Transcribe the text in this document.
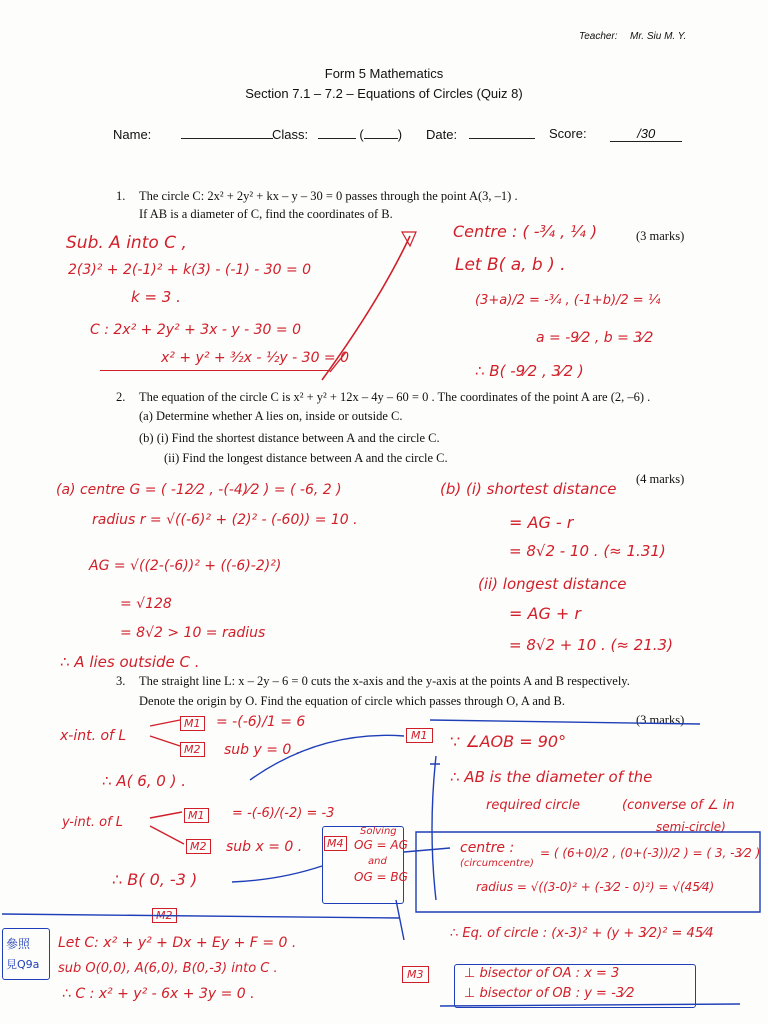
Teacher: Mr. Siu M. Y.
Form 5 Mathematics
Section 7.1 – 7.2 – Equations of Circles (Quiz 8)
Name:	Class:	(	) Date:	Score:	/30
1. The circle C: 2x² + 2y² + kx – y – 30 = 0 passes through the point A(3, –1) .
If AB is a diameter of C, find the coordinates of B.
(3 marks)
Sub. A into C ,
2(3)² + 2(-1)² + k(3) - (-1) - 30 = 0
k = 3 .
C : 2x² + 2y² + 3x - y - 30 = 0
x² + y² + ³⁄₂x - ½y - 30 = 0
Centre : ( -¾ , ¼ )
Let B( a, b ) .
(3+a)/2 = -¾ , (-1+b)/2 = ¼
a = -9⁄2 , b = 3⁄2
∴ B( -9⁄2 , 3⁄2 )
2. The equation of the circle C is x² + y² + 12x – 4y – 60 = 0 . The coordinates of the point A are (2, –6) .
(a) Determine whether A lies on, inside or outside C.
(b) (i) Find the shortest distance between A and the circle C.
(ii) Find the longest distance between A and the circle C.
(4 marks)
(a) centre G = ( -12⁄2 , -(-4)⁄2 ) = ( -6, 2 )
radius r = √((-6)² + (2)² - (-60)) = 10 .
AG = √((2-(-6))² + ((-6)-2)²)
= √128
= 8√2 > 10 = radius
∴ A lies outside C .
(b) (i) shortest distance
= AG - r
= 8√2 - 10 . (≈ 1.31)
(ii) longest distance
= AG + r
= 8√2 + 10 . (≈ 21.3)
3. The straight line L: x – 2y – 6 = 0 cuts the x-axis and the y-axis at the points A and B respectively.
Denote the origin by O. Find the equation of circle which passes through O, A and B.
(3 marks)
x-int. of L
M1 = -(-6)/1 = 6
M2 sub y = 0 .
∴ A( 6, 0 ) .
y-int. of L	M1	= -(-6)/(-2) = -3
M2 sub x = 0 .
∴ B( 0, -3 )
M2
參照
見Q9a
Let C: x² + y² + Dx + Ey + F = 0 .
sub O(0,0), A(6,0), B(0,-3) into C .
∴ C : x² + y² - 6x + 3y = 0 .
M3
M1	∵ ∠AOB = 90°
∴ AB is the diameter of the
required circle	(converse of ∠ in
semi-circle)
centre :
(circumcentre)
= ( (6+0)/2 , (0+(-3))/2 ) = ( 3, -3⁄2 )
radius = √((3-0)² + (-3⁄2 - 0)²) = √(45⁄4)
∴ Eq. of circle : (x-3)² + (y + 3⁄2)² = 45⁄4
M4
Solving
OG = AG
and
OG = BG
⊥ bisector of OA : x = 3
⊥ bisector of OB : y = -3⁄2
